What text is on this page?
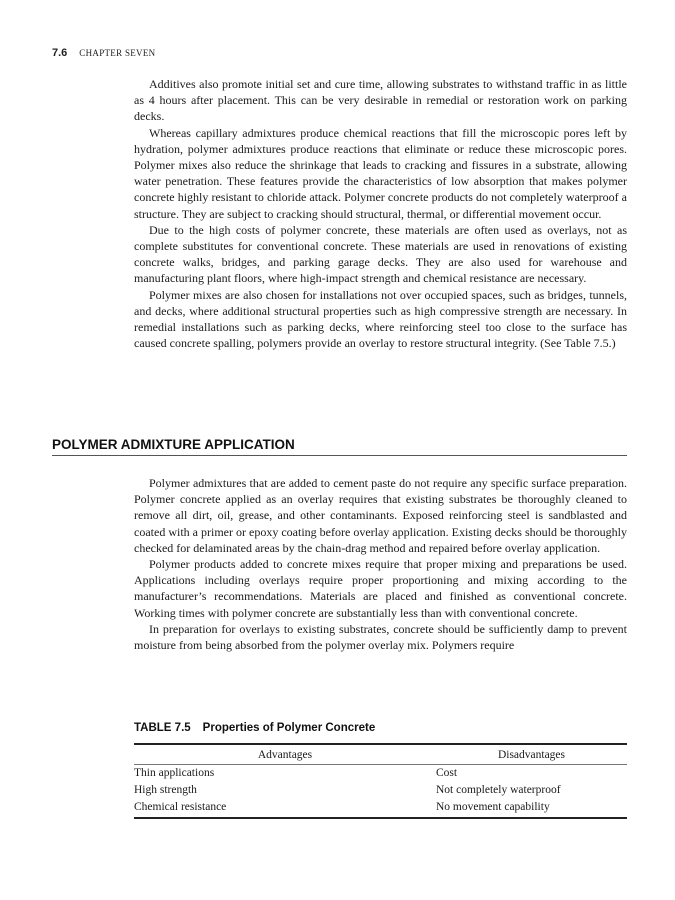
7.6 CHAPTER SEVEN

Additives also promote initial set and cure time, allowing substrates to withstand traffic in as little as 4 hours after placement. This can be very desirable in remedial or restoration work on parking decks.

Whereas capillary admixtures produce chemical reactions that fill the microscopic pores left by hydration, polymer admixtures produce reactions that eliminate or reduce these microscopic pores. Polymer mixes also reduce the shrinkage that leads to cracking and fissures in a substrate, allowing water penetration. These features provide the characteristics of low absorption that makes polymer concrete highly resistant to chloride attack. Polymer concrete products do not completely waterproof a structure. They are subject to cracking should structural, thermal, or differential movement occur.

Due to the high costs of polymer concrete, these materials are often used as overlays, not as complete substitutes for conventional concrete. These materials are used in renovations of existing concrete walks, bridges, and parking garage decks. They are also used for warehouse and manufacturing plant floors, where high-impact strength and chemical resistance are necessary.

Polymer mixes are also chosen for installations not over occupied spaces, such as bridges, tunnels, and decks, where additional structural properties such as high compressive strength are necessary. In remedial installations such as parking decks, where reinforcing steel too close to the surface has caused concrete spalling, polymers provide an overlay to restore structural integrity. (See Table 7.5.)

POLYMER ADMIXTURE APPLICATION

Polymer admixtures that are added to cement paste do not require any specific surface preparation. Polymer concrete applied as an overlay requires that existing substrates be thoroughly cleaned to remove all dirt, oil, grease, and other contaminants. Exposed reinforcing steel is sandblasted and coated with a primer or epoxy coating before overlay application. Existing decks should be thoroughly checked for delaminated areas by the chain-drag method and repaired before overlay application.

Polymer products added to concrete mixes require that proper mixing and preparations be used. Applications including overlays require proper proportioning and mixing according to the manufacturer’s recommendations. Materials are placed and finished as conventional concrete. Working times with polymer concrete are substantially less than with conventional concrete.

In preparation for overlays to existing substrates, concrete should be sufficiently damp to prevent moisture from being absorbed from the polymer overlay mix. Polymers require

TABLE 7.5 Properties of Polymer Concrete
Advantages	Disadvantages
Thin applications	Cost
High strength	Not completely waterproof
Chemical resistance	No movement capability
